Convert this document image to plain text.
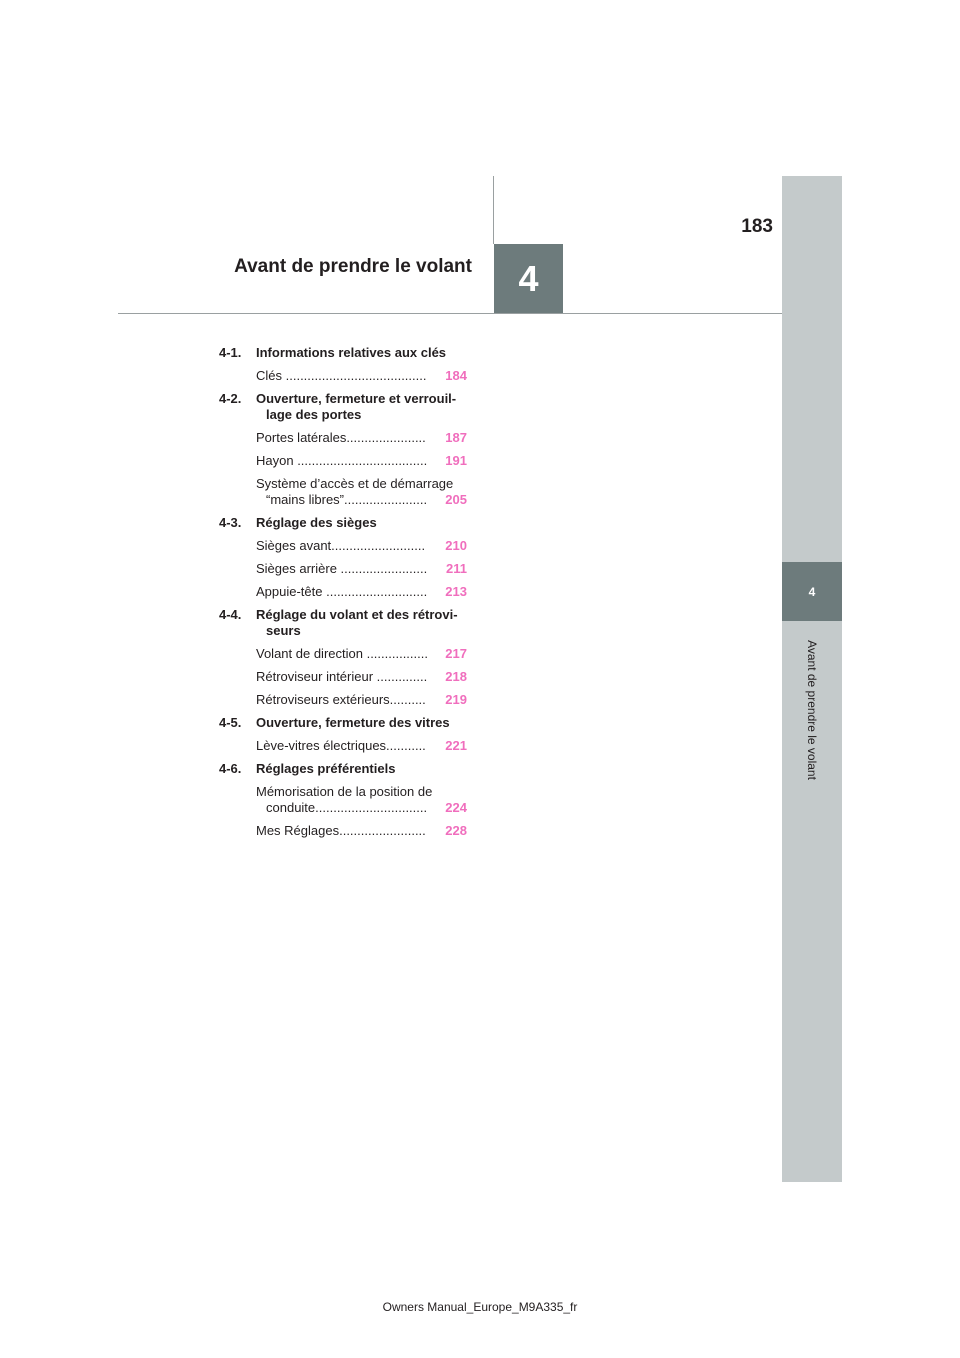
4
Avant de prendre le volant
4
Avant de prendre le volant
183
4-1. Informations relatives aux clés
Clés .......................................	184
4-2. Ouverture, fermeture et verrouil-
lage des portes
Portes latérales......................	187
Hayon ....................................	191
Système d’accès et de démarrage
“mains libres”.......................	205
4-3. Réglage des sièges
Sièges avant..........................	210
Sièges arrière ........................	211
Appuie-tête ............................	213
4-4. Réglage du volant et des rétrovi-
seurs
Volant de direction .................	217
Rétroviseur intérieur ..............	218
Rétroviseurs extérieurs..........	219
4-5. Ouverture, fermeture des vitres
Lève-vitres électriques...........	221
4-6. Réglages préférentiels
Mémorisation de la position de
conduite...............................	224
Mes Réglages........................	228
Owners Manual_Europe_M9A335_fr
